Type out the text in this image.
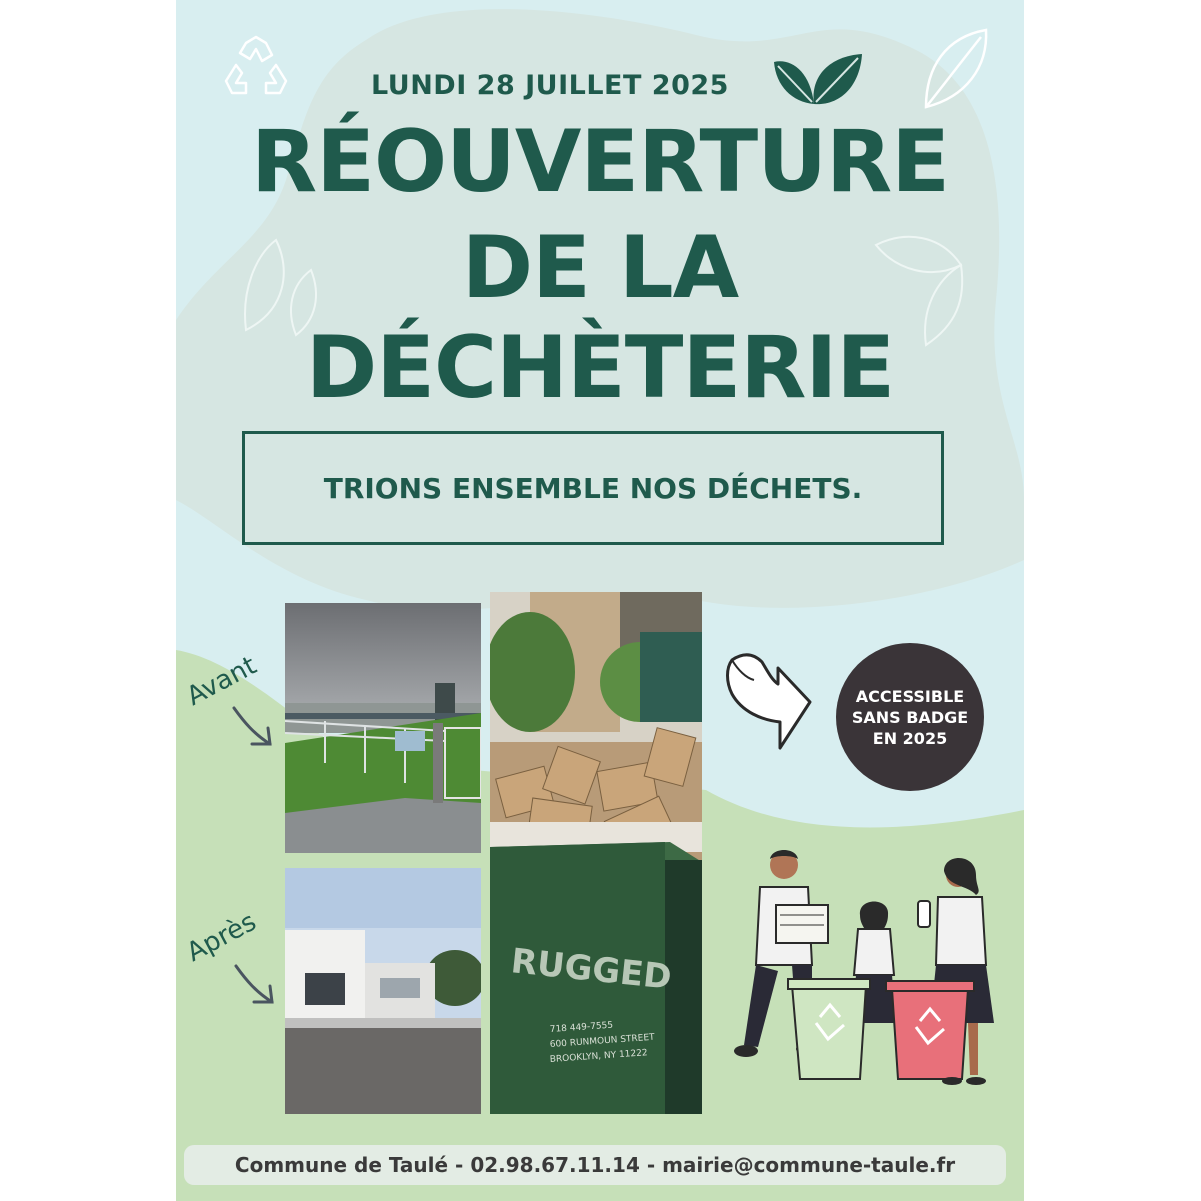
LUNDI 28 JUILLET 2025
RÉOUVERTURE
DE LA
DÉCHÈTERIE
TRIONS ENSEMBLE NOS DÉCHETS.
RUGGED
718 449-7555
600 RUNMOUN STREET
BROOKLYN, NY 11222
Avant
Après
ACCESSIBLE SANS BADGE EN 2025
Commune de Taulé - 02.98.67.11.14 - mairie@commune-taule.fr
